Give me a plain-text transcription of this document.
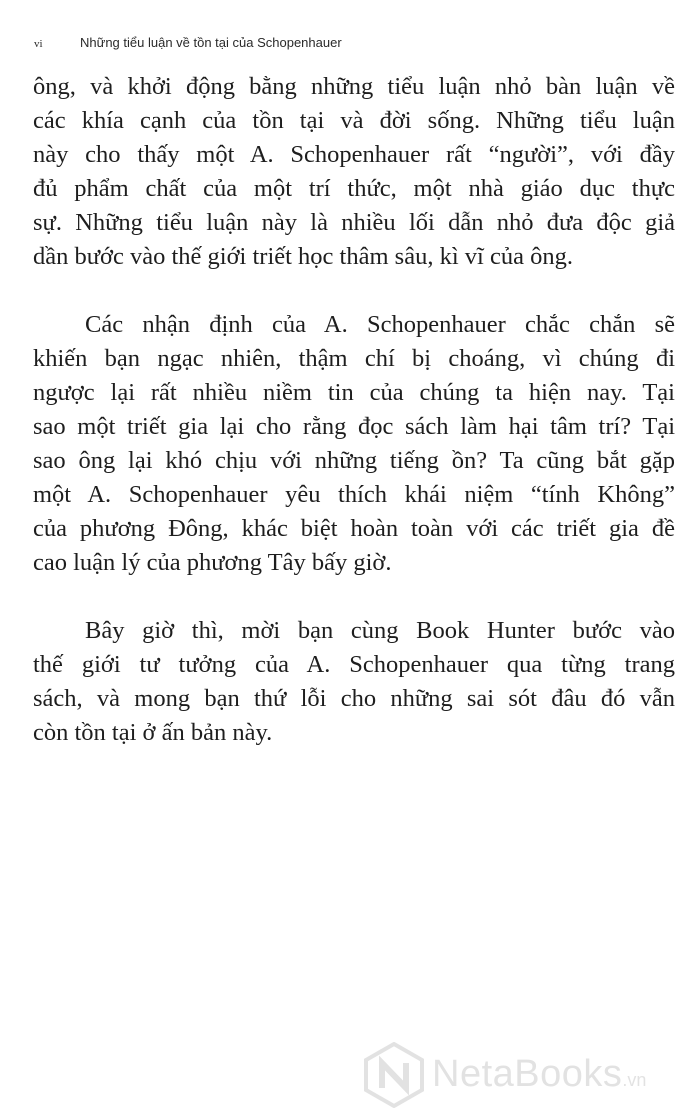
vi	Những tiểu luận về tồn tại của Schopenhauer
ông, và khởi động bằng những tiểu luận nhỏ bàn luận về
các khía cạnh của tồn tại và đời sống. Những tiểu luận
này cho thấy một A. Schopenhauer rất “người”, với đầy
đủ phẩm chất của một trí thức, một nhà giáo dục thực
sự. Những tiểu luận này là nhiều lối dẫn nhỏ đưa độc giả
dần bước vào thế giới triết học thâm sâu, kì vĩ của ông.
Các nhận định của A. Schopenhauer chắc chắn sẽ
khiến bạn ngạc nhiên, thậm chí bị choáng, vì chúng đi
ngược lại rất nhiều niềm tin của chúng ta hiện nay. Tại
sao một triết gia lại cho rằng đọc sách làm hại tâm trí? Tại
sao ông lại khó chịu với những tiếng ồn? Ta cũng bắt gặp
một A. Schopenhauer yêu thích khái niệm “tính Không”
của phương Đông, khác biệt hoàn toàn với các triết gia đề
cao luận lý của phương Tây bấy giờ.
Bây giờ thì, mời bạn cùng Book Hunter bước vào
thế giới tư tưởng của A. Schopenhauer qua từng trang
sách, và mong bạn thứ lỗi cho những sai sót đâu đó vẫn
còn tồn tại ở ấn bản này.
NetaBooks.vn
